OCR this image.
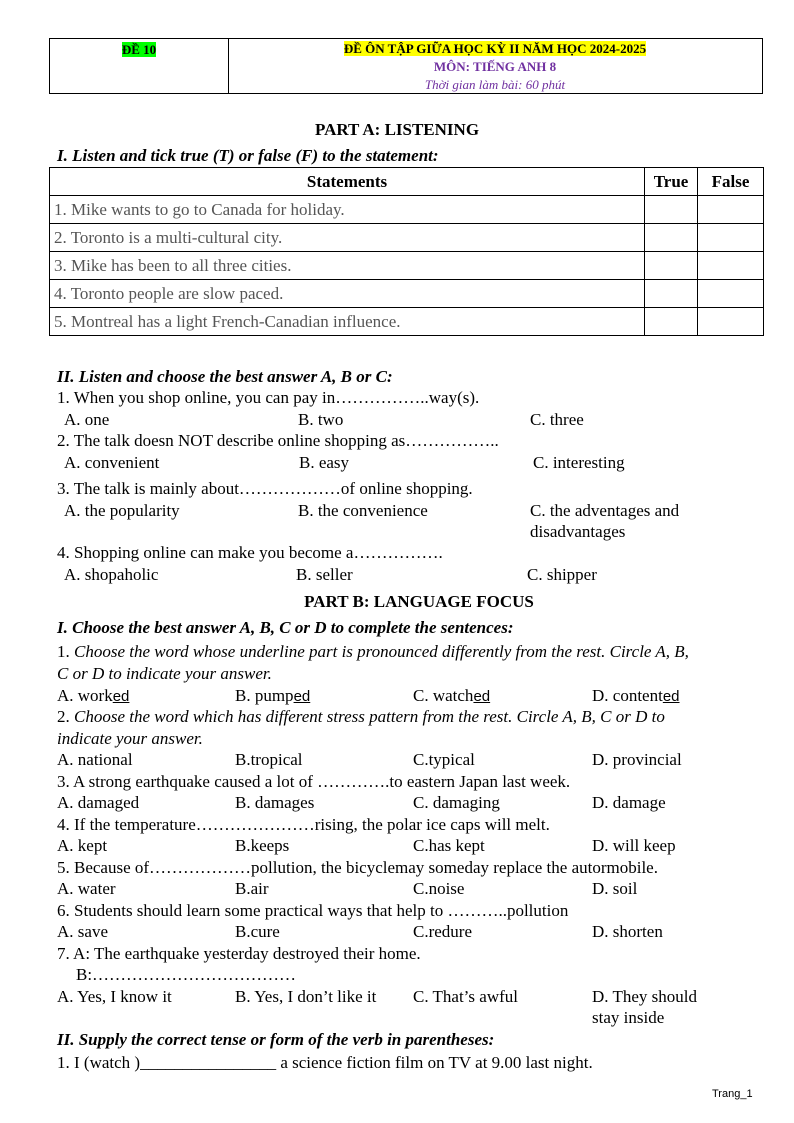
ĐỀ 10	ĐỀ ÔN TẬP GIỮA HỌC KỲ II NĂM HỌC 2024-2025
MÔN: TIẾNG ANH 8
Thời gian làm bài: 60 phút
PART A: LISTENING
I. Listen and tick true (T) or false (F) to the statement:
Statements	True	False
1. Mike wants to go to Canada for holiday.		
2. Toronto is a multi-cultural city.		
3. Mike has been to all three cities.		
4. Toronto people are slow paced.		
5. Montreal has a light French-Canadian influence.		
II. Listen and choose the best answer A, B or C:
1. When you shop online, you can pay in……………..way(s).
A. one	B. two	C. three
2. The talk doesn NOT describe online shopping as……………..
A. convenient	B. easy	C. interesting
3. The talk is mainly about………………of online shopping.
A. the popularity	B. the convenience	C. the adventages and
disadvantages
4. Shopping online can make you become a…………….
A. shopaholic	B. seller	C. shipper
PART B: LANGUAGE FOCUS
I. Choose the best answer A, B, C or D to complete the sentences:
1. Choose the word whose underline part is pronounced differently from the rest. Circle A, B,
C or D to indicate your answer.
A. worked	B. pumped	C. watched	D. contented
2. Choose the word which has different stress pattern from the rest. Circle A, B, C or D to
indicate your answer.
A. national	B.tropical	C.typical	D. provincial
3. A strong earthquake caused a lot of ………….to eastern Japan last week.
A. damaged	B. damages	C. damaging	D. damage
4. If the temperature…………………rising, the polar ice caps will melt.
A. kept	B.keeps	C.has kept	D. will keep
5. Because of………………pollution, the bicyclemay someday replace the autormobile.
A. water	B.air	C.noise	D. soil
6. Students should learn some practical ways that help to ………..pollution
A. save	B.cure	C.redure	D. shorten
7. A: The earthquake yesterday destroyed their home.
B:………………………………
A. Yes, I know it	B. Yes, I don’t like it C. That’s awful	D. They should
stay inside
II. Supply the correct tense or form of the verb in parentheses:
1. I (watch )________________ a science fiction film on TV at 9.00 last night.
Trang_1
